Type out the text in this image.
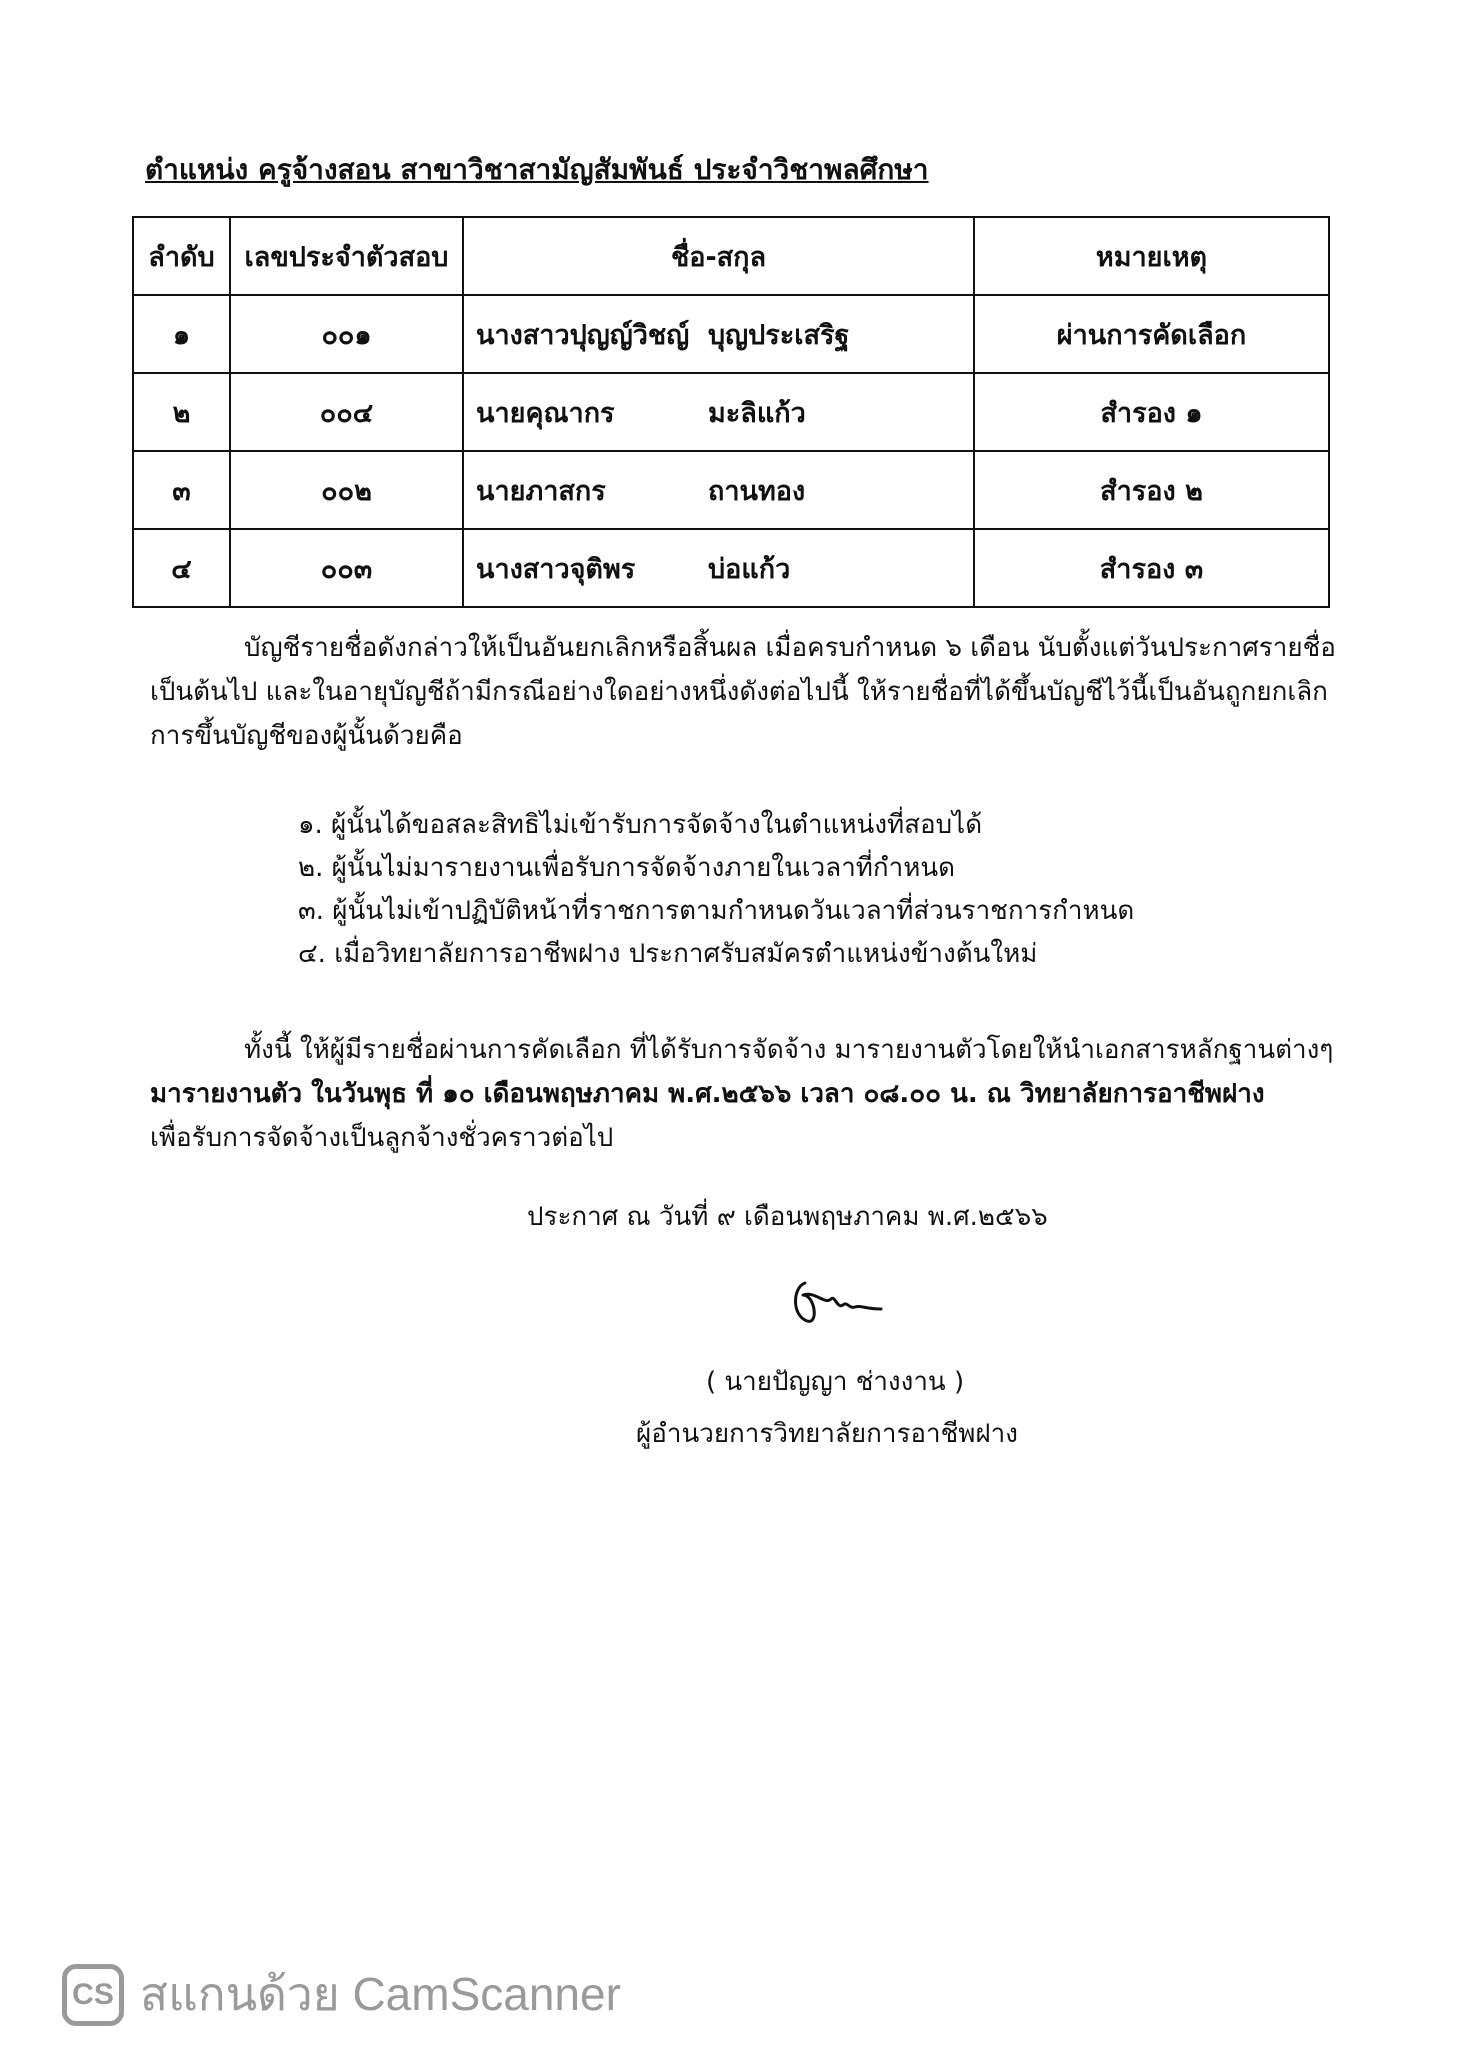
ตำแหน่ง ครูจ้างสอน สาขาวิชาสามัญสัมพันธ์ ประจำวิชาพลศึกษา
ลำดับ	เลขประจำตัวสอบ	ชื่อ-สกุล	หมายเหตุ
๑	๐๐๑	นางสาวปุญญ์วิชญ์ บุญประเสริฐ	ผ่านการคัดเลือก
๒	๐๐๔	นายคุณากร มะลิแก้ว	สำรอง ๑
๓	๐๐๒	นายภาสกร ถานทอง	สำรอง ๒
๔	๐๐๓	นางสาวจุติพร บ่อแก้ว	สำรอง ๓

บัญชีรายชื่อดังกล่าวให้เป็นอันยกเลิกหรือสิ้นผล เมื่อครบกำหนด ๖ เดือน นับตั้งแต่วันประกาศรายชื่อ

เป็นต้นไป และในอายุบัญชีถ้ามีกรณีอย่างใดอย่างหนึ่งดังต่อไปนี้ ให้รายชื่อที่ได้ขึ้นบัญชีไว้นี้เป็นอันถูกยกเลิก

การขึ้นบัญชีของผู้นั้นด้วยคือ

๑. ผู้นั้นได้ขอสละสิทธิไม่เข้ารับการจัดจ้างในตำแหน่งที่สอบได้
๒. ผู้นั้นไม่มารายงานเพื่อรับการจัดจ้างภายในเวลาที่กำหนด
๓. ผู้นั้นไม่เข้าปฏิบัติหน้าที่ราชการตามกำหนดวันเวลาที่ส่วนราชการกำหนด
๔. เมื่อวิทยาลัยการอาชีพฝาง ประกาศรับสมัครตำแหน่งข้างต้นใหม่

ทั้งนี้ ให้ผู้มีรายชื่อผ่านการคัดเลือก ที่ได้รับการจัดจ้าง มารายงานตัวโดยให้นำเอกสารหลักฐานต่างๆ

มารายงานตัว ในวันพุธ ที่ ๑๐ เดือนพฤษภาคม พ.ศ.๒๕๖๖ เวลา ๐๘.๐๐ น. ณ วิทยาลัยการอาชีพฝาง

เพื่อรับการจัดจ้างเป็นลูกจ้างชั่วคราวต่อไป

ประกาศ ณ วันที่ ๙ เดือนพฤษภาคม พ.ศ.๒๕๖๖
( นายปัญญา ช่างงาน )
ผู้อำนวยการวิทยาลัยการอาชีพฝาง
CS สแกนด้วย CamScanner
